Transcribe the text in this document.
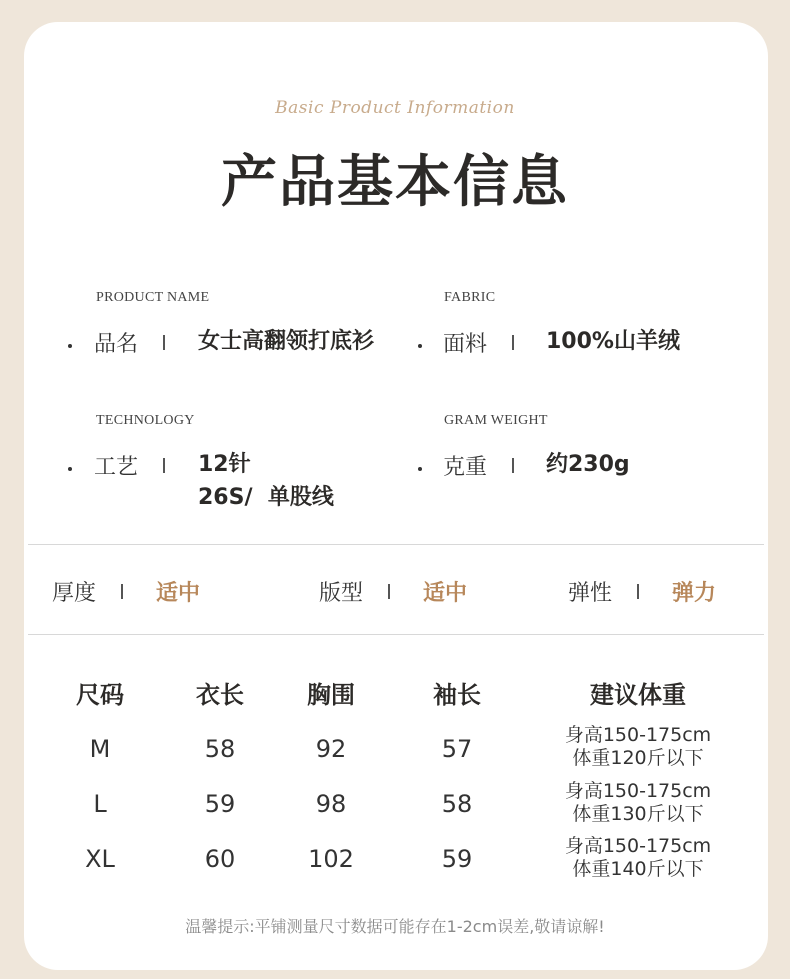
Basic Product Information
产品基本信息
PRODUCT NAME
品名	女士高翻领打底衫
FABRIC
面料	100%山羊绒
TECHNOLOGY
工艺	12针
26S/  单股线
GRAM WEIGHT
克重	约230g
厚度	适中	版型	适中	弹性	弹力
尺码	衣长	胸围	袖长	建议体重
M	58	92	57	身高150-175cm
体重120斤以下
L	59	98	58	身高150-175cm
体重130斤以下
XL	60	102	59	身高150-175cm
体重140斤以下
温馨提示:平铺测量尺寸数据可能存在1-2cm误差,敬请谅解!
